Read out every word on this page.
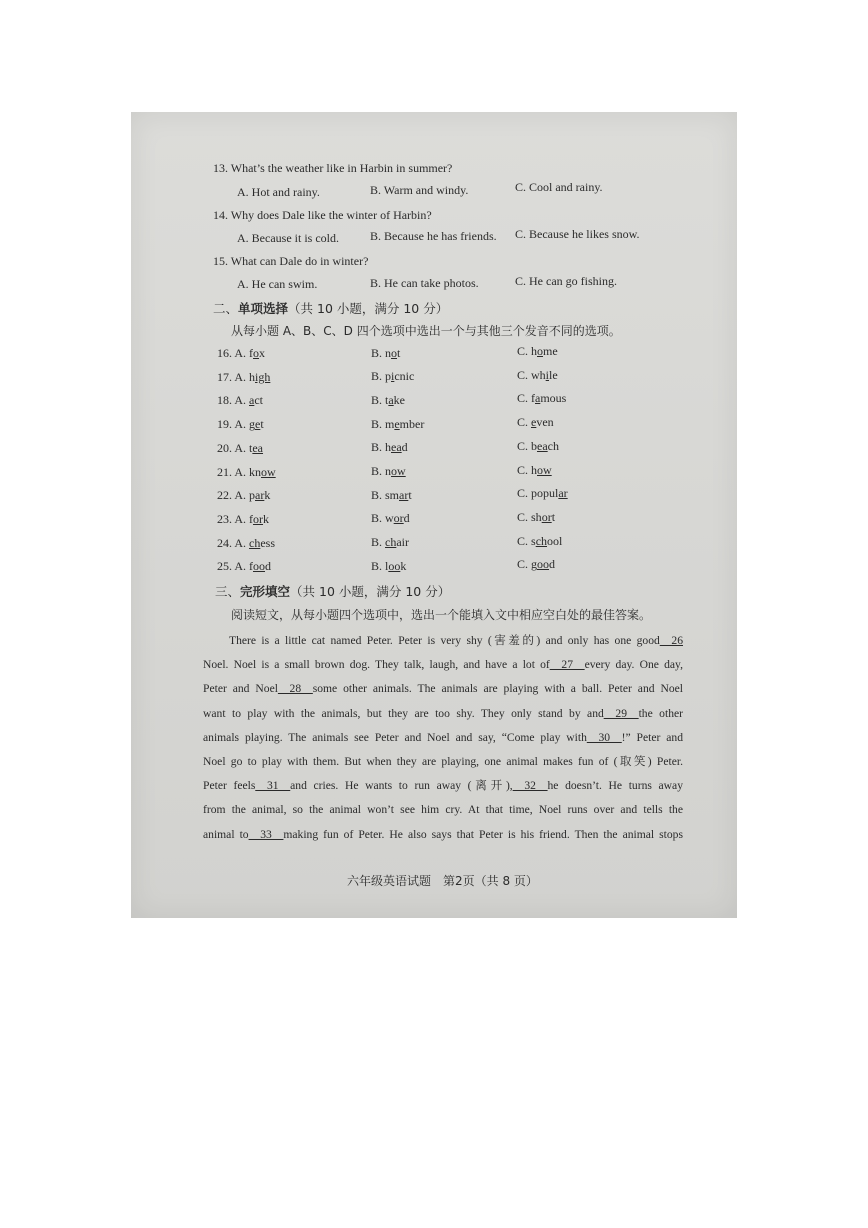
13. What’s the weather like in Harbin in summer?
A. Hot and rainy.	B. Warm and windy.	C. Cool and rainy.
14. Why does Dale like the winter of Harbin?
A. Because it is cold.	B. Because he has friends. C. Because he likes snow.
15. What can Dale do in winter?
A. He can swim.	B. He can take photos.	C. He can go fishing.
二、单项选择（共 10 小题，满分 10 分）
从每小题 A、B、C、D 四个选项中选出一个与其他三个发音不同的选项。
16. A. fox	B. not	C. home
17. A. high	B. picnic	C. while
18. A. act	B. take	C. famous
19. A. get	B. member	C. even
20. A. tea	B. head	C. beach
21. A. know	B. now	C. how
22. A. park	B. smart	C. popular
23. A. fork	B. word	C. short
24. A. chess	B. chair	C. school
25. A. food	B. look	C. good
三、完形填空（共 10 小题，满分 10 分）
阅读短文，从每小题四个选项中，选出一个能填入文中相应空白处的最佳答案。
There is a little cat named Peter. Peter is very shy (害羞的) and only has one good__26
Noel. Noel is a small brown dog. They talk, laugh, and have a lot of__27__every day. One day,
Peter and Noel__28__some other animals. The animals are playing with a ball. Peter and Noel
want to play with the animals, but they are too shy. They only stand by and__29__the other
animals playing. The animals see Peter and Noel and say, “Come play with__30__!” Peter and
Noel go to play with them. But when they are playing, one animal makes fun of (取笑) Peter.
Peter feels__31__and cries. He wants to run away (离开),__32__he doesn’t. He turns away
from the animal, so the animal won’t see him cry. At that time, Noel runs over and tells the
animal to__33__making fun of Peter. He also says that Peter is his friend. Then the animal stops
六年级英语试题　第2页（共 8 页）
